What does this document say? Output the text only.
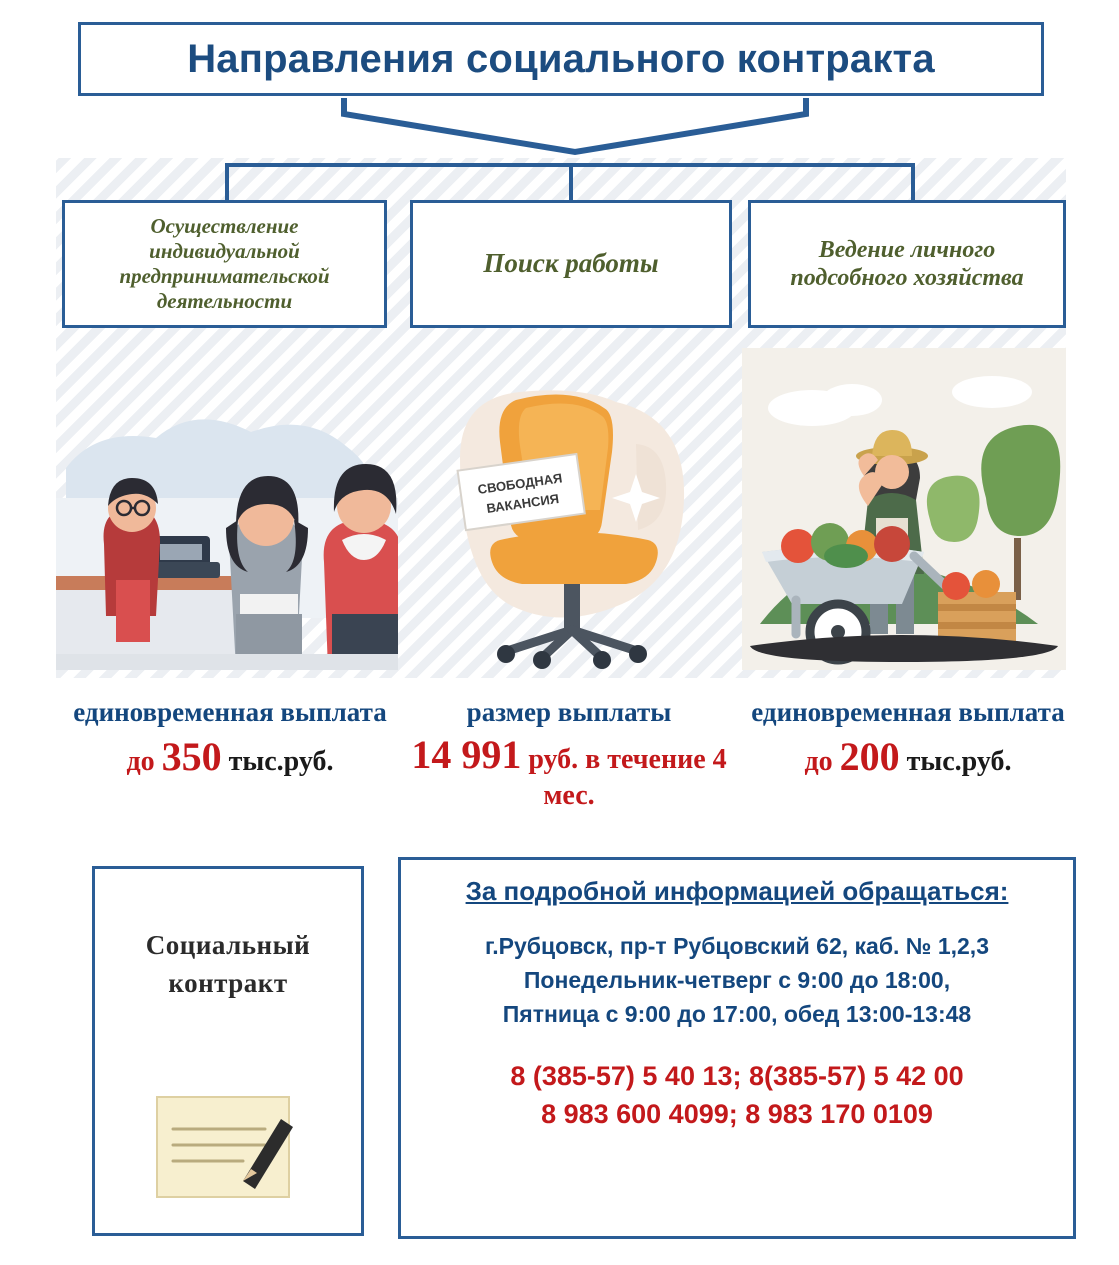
Направления социального контракта
Осуществление индивидуальной предпринимательской деятельности
Поиск работы	Ведение личного подсобного хозяйства
СВОБОДНАЯ
ВАКАНСИЯ
единовременная выплата
до 350 тыс.руб.
размер выплаты
14 991 руб. в течение 4 мес.
единовременная выплата
до 200 тыс.руб.
Социальный контракт
За подробной информацией обращаться:
г.Рубцовск, пр-т Рубцовский 62, каб. № 1,2,3
Понедельник-четверг с 9:00 до 18:00,
Пятница с 9:00 до 17:00, обед 13:00-13:48
8 (385-57) 5 40 13; 8(385-57) 5 42 00
8 983 600 4099; 8 983 170 0109
